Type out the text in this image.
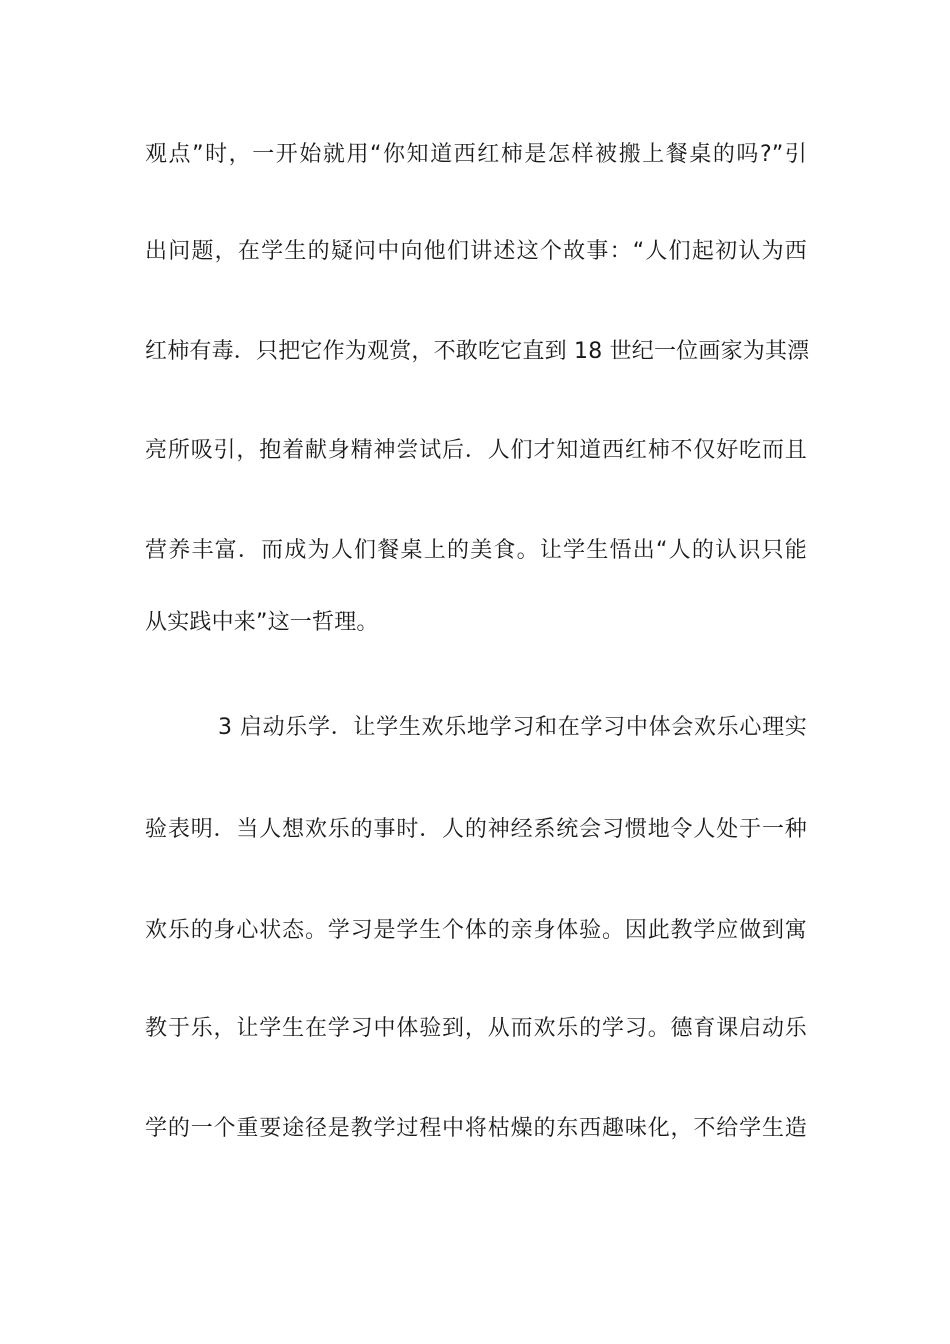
观点”时，一开始就用“你知道西红柿是怎样被搬上餐桌的吗?”引
出问题，在学生的疑问中向他们讲述这个故事：“人们起初认为西
红柿有毒．只把它作为观赏，不敢吃它直到 18 世纪一位画家为其漂
亮所吸引，抱着献身精神尝试后．人们才知道西红柿不仅好吃而且
营养丰富．而成为人们餐桌上的美食。让学生悟出“人的认识只能
从实践中来”这一哲理。
3 启动乐学．让学生欢乐地学习和在学习中体会欢乐心理实
验表明．当人想欢乐的事时．人的神经系统会习惯地令人处于一种
欢乐的身心状态。学习是学生个体的亲身体验。因此教学应做到寓
教于乐，让学生在学习中体验到，从而欢乐的学习。德育课启动乐
学的一个重要途径是教学过程中将枯燥的东西趣味化，不给学生造
